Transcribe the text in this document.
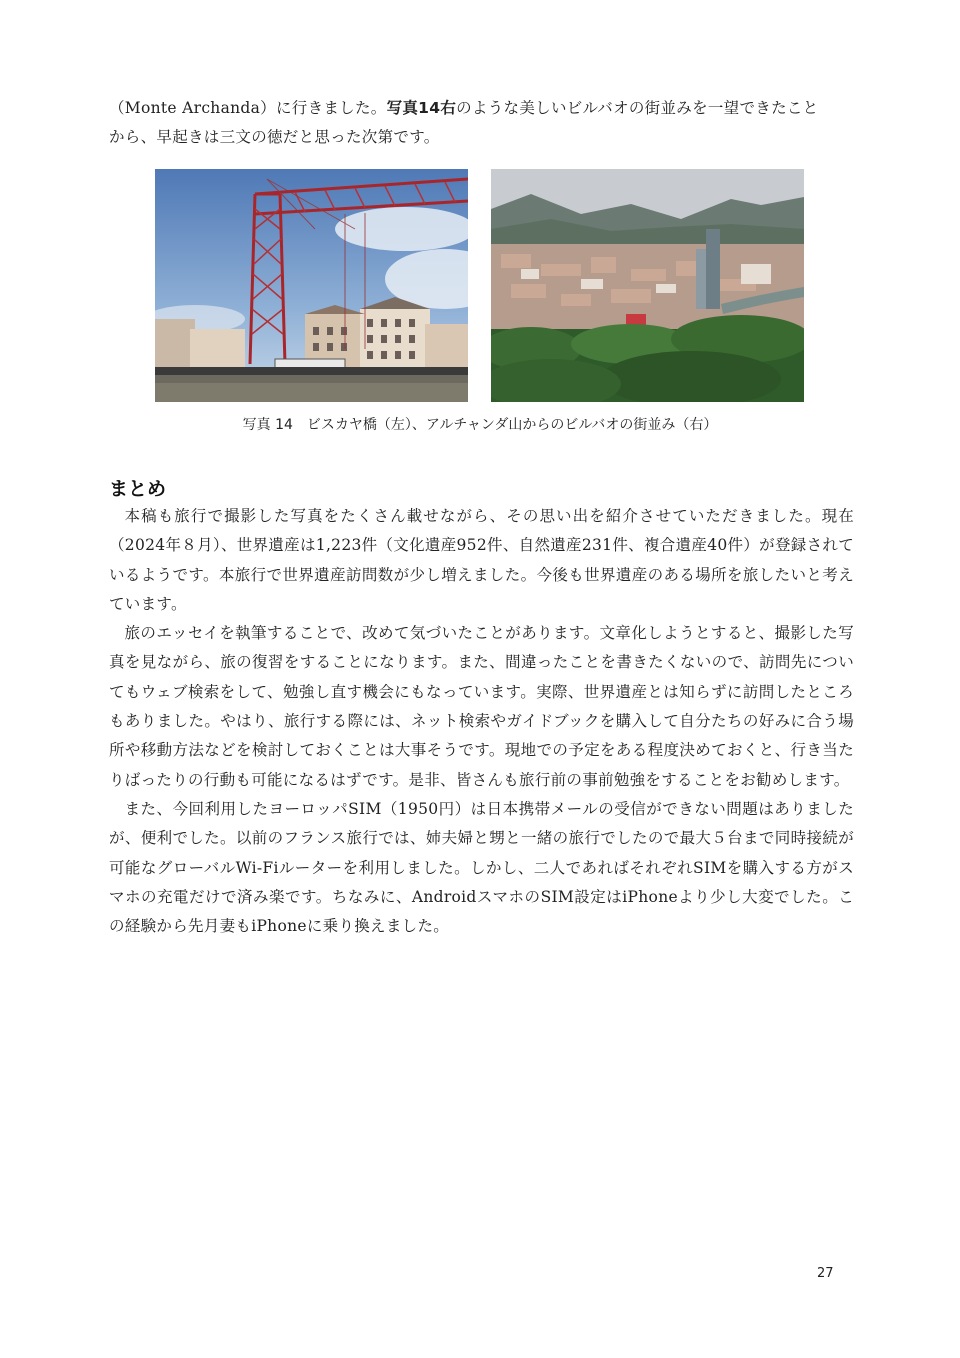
（Monte Archanda）に行きました。写真14右のような美しいビルバオの街並みを一望できたこと

から、早起きは三文の徳だと思った次第です。

写真 14　ビスカヤ橋（左）、アルチャンダ山からのビルバオの街並み（右）
まとめ

本稿も旅行で撮影した写真をたくさん載せながら、その思い出を紹介させていただきました。現在（2024年８月）、世界遺産は1,223件（文化遺産952件、自然遺産231件、複合遺産40件）が登録されているようです。本旅行で世界遺産訪問数が少し増えました。今後も世界遺産のある場所を旅したいと考えています。

旅のエッセイを執筆することで、改めて気づいたことがあります。文章化しようとすると、撮影した写真を見ながら、旅の復習をすることになります。また、間違ったことを書きたくないので、訪問先についてもウェブ検索をして、勉強し直す機会にもなっています。実際、世界遺産とは知らずに訪問したところもありました。やはり、旅行する際には、ネット検索やガイドブックを購入して自分たちの好みに合う場所や移動方法などを検討しておくことは大事そうです。現地での予定をある程度決めておくと、行き当たりばったりの行動も可能になるはずです。是非、皆さんも旅行前の事前勉強をすることをお勧めします。

また、今回利用したヨーロッパSIM（1950円）は日本携帯メールの受信ができない問題はありましたが、便利でした。以前のフランス旅行では、姉夫婦と甥と一緒の旅行でしたので最大５台まで同時接続が可能なグローバルWi-Fiルーターを利用しました。しかし、二人であればそれぞれSIMを購入する方がスマホの充電だけで済み楽です。ちなみに、AndroidスマホのSIM設定はiPhoneより少し大変でした。この経験から先月妻もiPhoneに乗り換えました。

27
